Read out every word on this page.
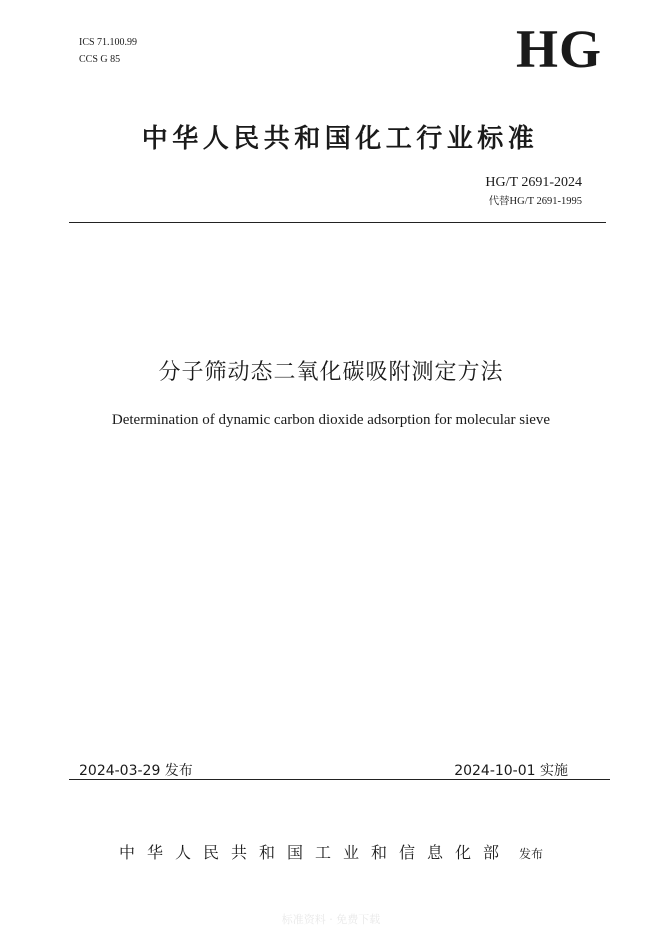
ICS 71.100.99
CCS G 85	HG
中华人民共和国化工行业标准
HG/T 2691-2024
代替HG/T 2691-1995
分子筛动态二氧化碳吸附测定方法
Determination of dynamic carbon dioxide adsorption for molecular sieve
2024-03-29 发布	2024-10-01 实施
中华人民共和国工业和信息化部 发布
标准资料 · 免费下载
